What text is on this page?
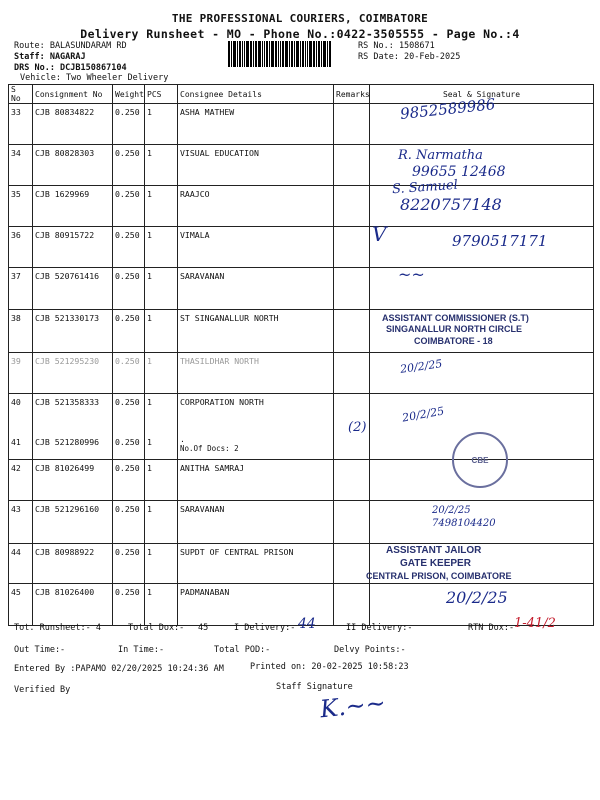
THE PROFESSIONAL COURIERS, COIMBATORE
Delivery Runsheet - MO - Phone No.:0422-3505555 - Page No.:4
Route: BALASUNDARAM RD
Staff: NAGARAJ
DRS No.: DCJB150867104
Vehicle: Two Wheeler Delivery
RS No.: 1508671
RS Date: 20-Feb-2025
S No	Consignment No	Weight	PCS	Consignee Details	Remarks	Seal & Signature
33	CJB 80834822	0.250	1	ASHA MATHEW		
34	CJB 80828303	0.250	1	VISUAL EDUCATION		
35	CJB 1629969	0.250	1	RAAJCO		
36	CJB 80915722	0.250	1	VIMALA		
37	CJB 520761416	0.250	1	SARAVANAN		
38	CJB 521330173	0.250	1	ST SINGANALLUR NORTH		
39	CJB 521295230	0.250	1	THASILDHAR NORTH		
40	CJB 521358333	0.250	1	CORPORATION NORTH		
41	CJB 521280996	0.250	1	.
No.Of Docs: 2		

42	CJB 81026499	0.250	1	ANITHA SAMRAJ		
43	CJB 521296160	0.250	1	SARAVANAN		
44	CJB 80988922	0.250	1	SUPDT OF CENTRAL PRISON		
45	CJB 81026400	0.250	1	PADMANABAN		
9852589986
R. Narmatha
99655 12468
S. Samuel
8220757148
9790517171
V
~~
ASSISTANT COMMISSIONER (S.T)
SINGANALLUR NORTH CIRCLE
COIMBATORE - 18
20/2/25
(2)
20/2/25
CBE
20/2/25
7498104420
ASSISTANT JAILOR
GATE KEEPER
CENTRAL PRISON, COIMBATORE
20/2/25
Tot. Runsheet:- 4	Total Dox:- 45	I Delivery:- 44	II Delivery:-	RTN Dox:- 1-41/2
Out Time:-	In Time:-	Total POD:-	Delvy Points:-
Entered By :PAPAMO 02/20/2025 10:24:36 AM	Printed on: 20-02-2025 10:58:23
Verified By	Staff Signature
K.~~
